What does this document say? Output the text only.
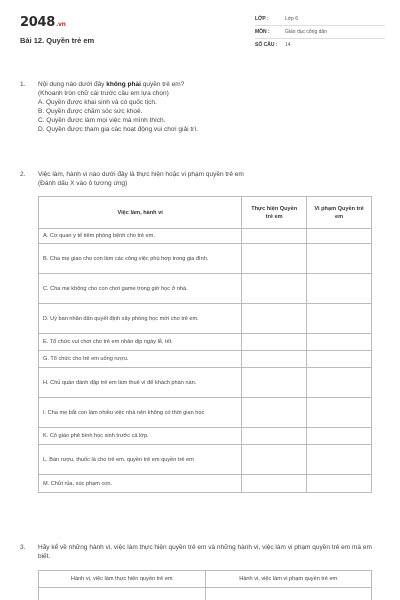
2048.vn
Bài 12. Quyền trẻ em
LỚP :	Lớp 6
MÔN :	Giáo dục công dân
SỐ CÂU : 14
1. Nội dung nào dưới đây không phải quyền trẻ em?
(Khoanh tròn chữ cái trước câu em lựa chọn)
A. Quyền được khai sinh và có quốc tịch.
B. Quyền được chăm sóc sức khoẻ.
C. Quyền được làm mọi việc mà mình thích.
D. Quyền được tham gia các hoạt động vui chơi giải trí.
2. Việc làm, hành vi nào dưới đây là thực hiện hoặc vi phạm quyền trẻ em
(Đánh dấu X vào ô tương ứng)
Việc làm, hành vi	Thực hiện Quyền trẻ em	Vi phạm Quyền trẻ em
A. Cơ quan y tế tiêm phòng bệnh cho trẻ em.		
B. Cha mẹ giao cho con làm các công việc phù hợp trong gia đình.		
C. Cha mẹ không cho con chơi game trong giờ học ở nhà.		
D. Uỷ ban nhân dân quyết định xây phòng học mới cho trẻ em.		
E. Tổ chức vui chơi cho trẻ em nhân dịp ngày lễ, tết.		
G. Tổ chức cho trẻ em uống rượu.		
H. Chủ quán đánh đập trẻ em làm thuê vì để khách phàn nàn.		
I. Cha mẹ bắt con làm nhiều việc nhà nên không có thời gian học		
K. Cô giáo phê bình học sinh trước cả lớp.		
L. Bán rượu, thuốc lá cho trẻ em. quyền trẻ em quyền trẻ em		
M. Chửi rủa, xúc phạm con.		
3. Hãy kể về những hành vi, việc làm thực hiện quyền trẻ em và những hành vi, việc làm vi phạm quyền trẻ em mà em biết.
Hành vi, việc làm thực hiện quyền trẻ em	Hành vi, việc làm vi phạm quyền trẻ em
